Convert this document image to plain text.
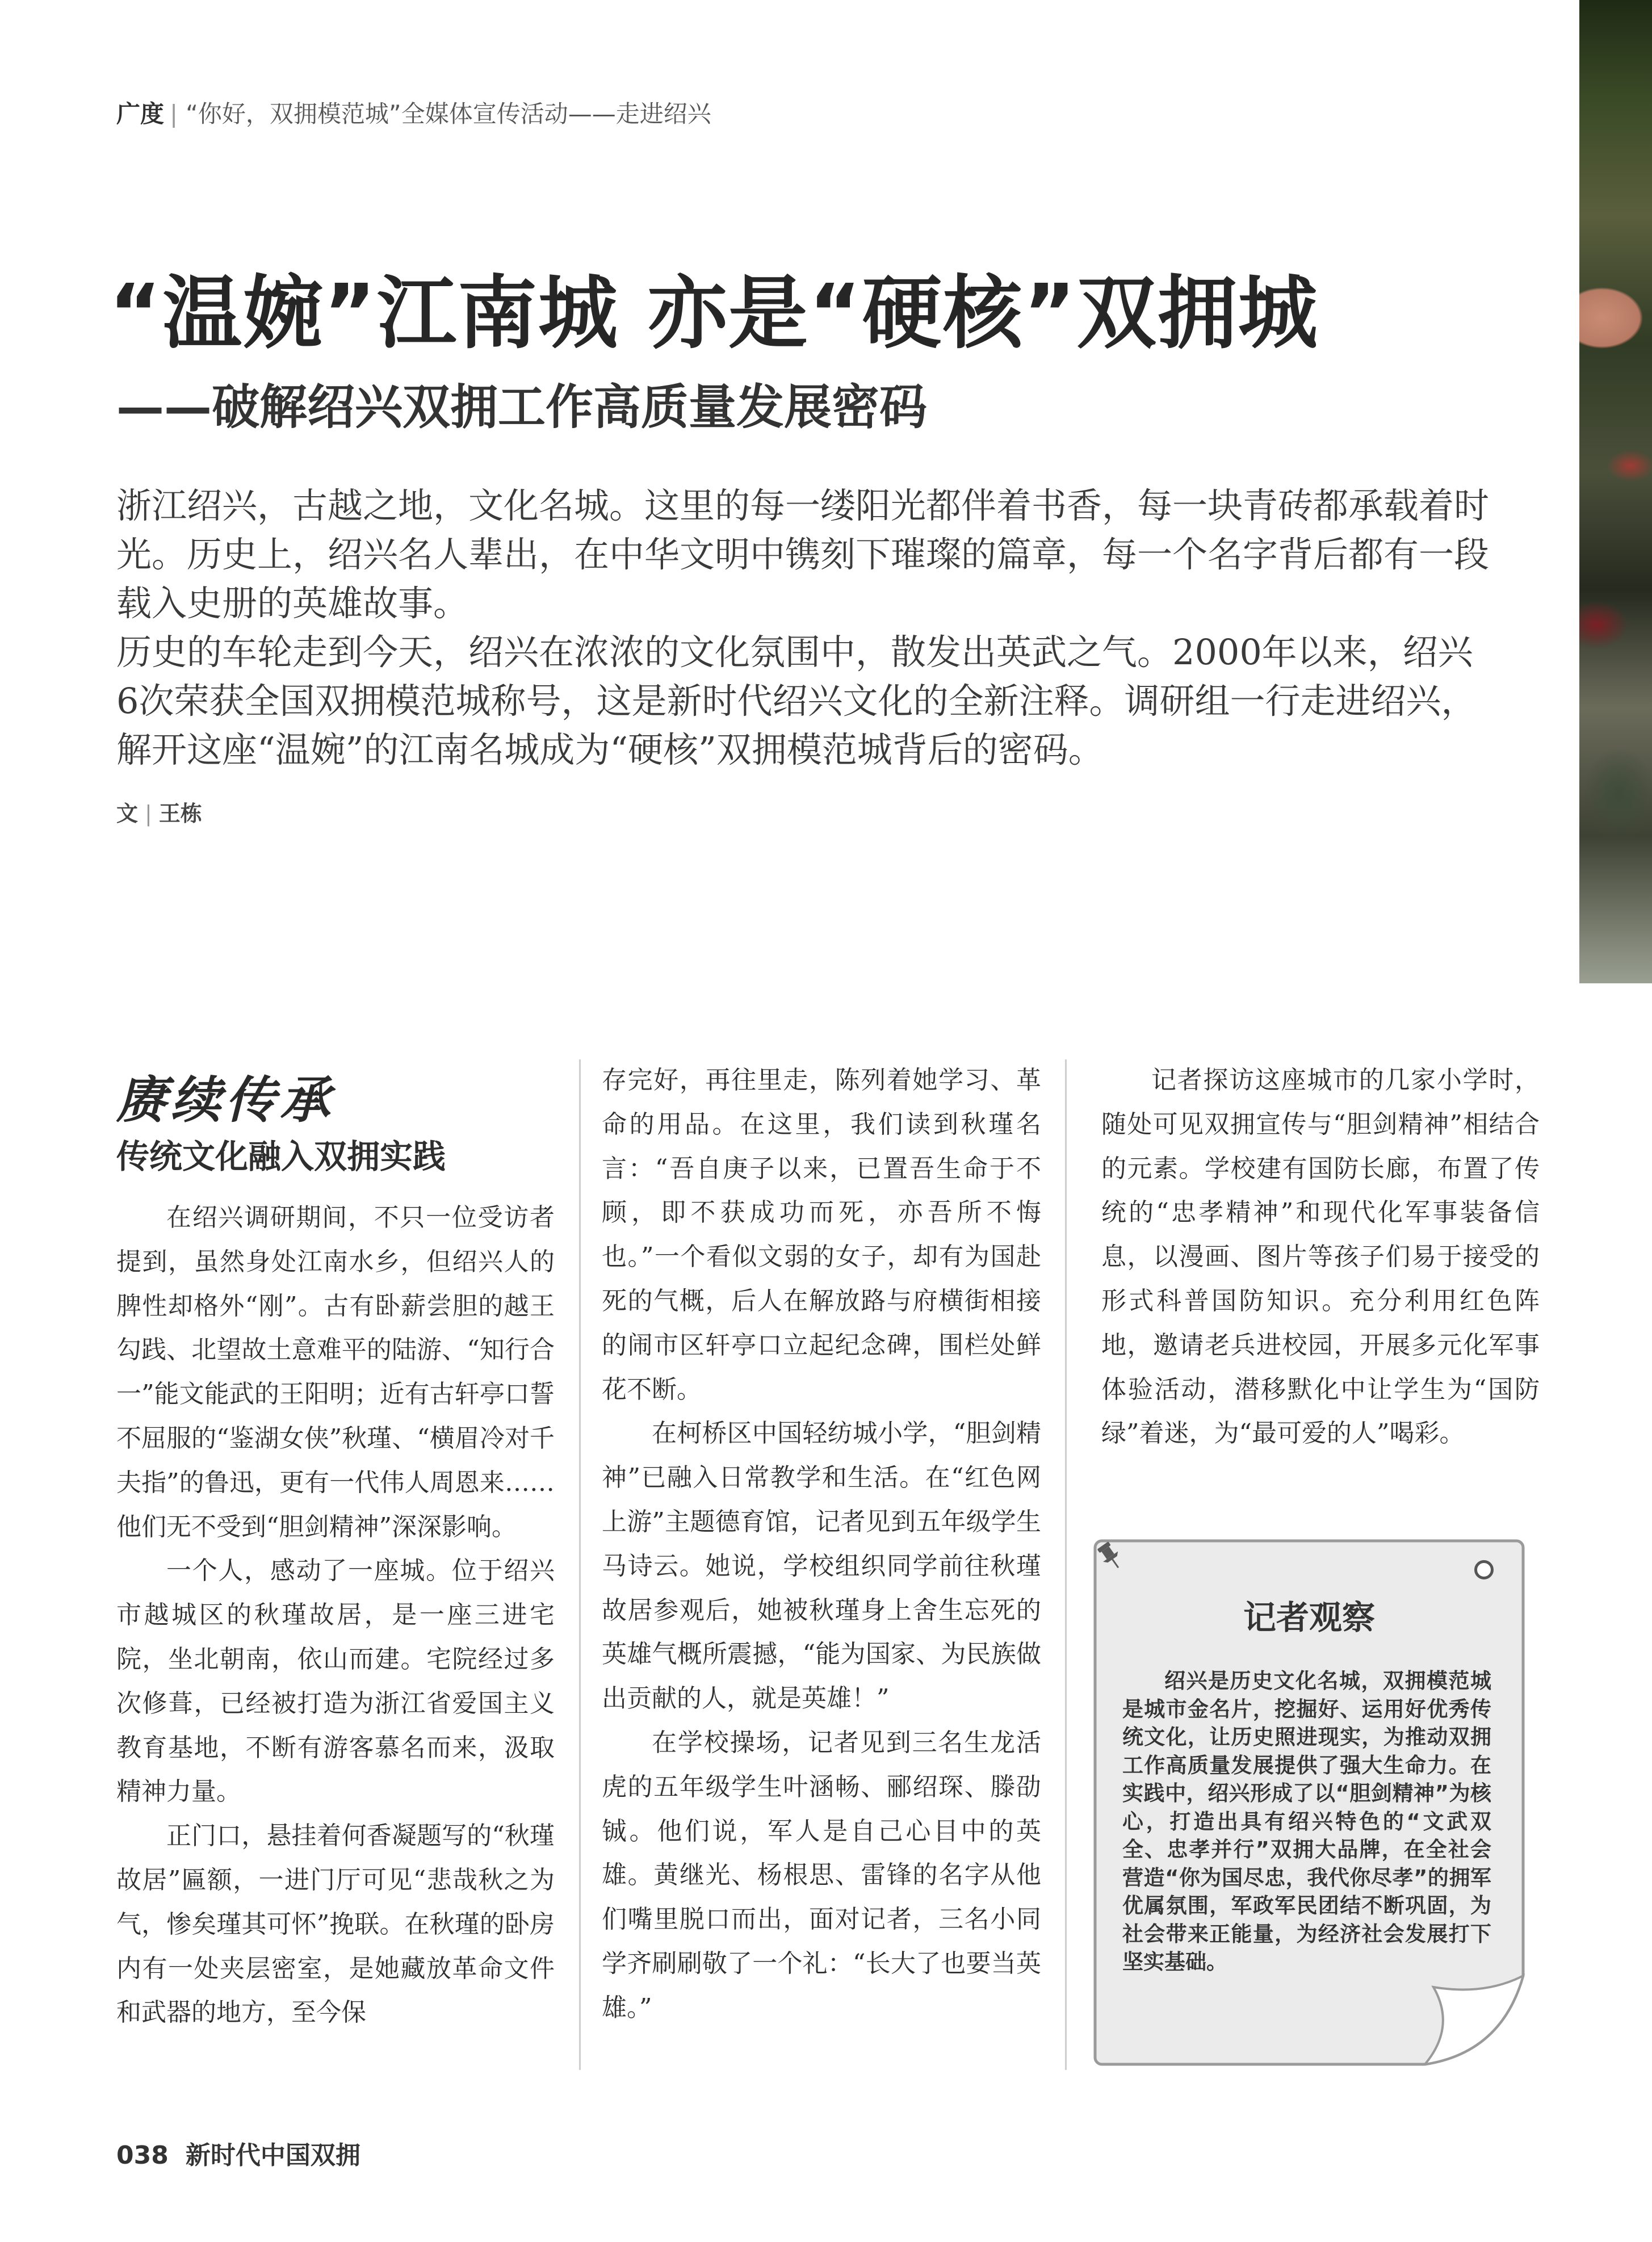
广度 | “你好，双拥模范城”全媒体宣传活动——走进绍兴
“温婉”江南城 亦是“硬核”双拥城
——破解绍兴双拥工作高质量发展密码

浙江绍兴，古越之地，文化名城。这里的每一缕阳光都伴着书香，每一块青砖都承载着时光。历史上，绍兴名人辈出，在中华文明中镌刻下璀璨的篇章，每一个名字背后都有一段载入史册的英雄故事。

历史的车轮走到今天，绍兴在浓浓的文化氛围中，散发出英武之气。2000年以来，绍兴6次荣获全国双拥模范城称号，这是新时代绍兴文化的全新注释。调研组一行走进绍兴，解开这座“温婉”的江南名城成为“硬核”双拥模范城背后的密码。

文 | 王栋
赓续传承
传统文化融入双拥实践

在绍兴调研期间，不只一位受访者提到，虽然身处江南水乡，但绍兴人的脾性却格外“刚”。古有卧薪尝胆的越王勾践、北望故土意难平的陆游、“知行合一”能文能武的王阳明；近有古轩亭口誓不屈服的“鉴湖女侠”秋瑾、“横眉冷对千夫指”的鲁迅，更有一代伟人周恩来……他们无不受到“胆剑精神”深深影响。

一个人，感动了一座城。位于绍兴市越城区的秋瑾故居，是一座三进宅院，坐北朝南，依山而建。宅院经过多次修葺，已经被打造为浙江省爱国主义教育基地，不断有游客慕名而来，汲取精神力量。

正门口，悬挂着何香凝题写的“秋瑾故居”匾额，一进门厅可见“悲哉秋之为气，惨矣瑾其可怀”挽联。在秋瑾的卧房内有一处夹层密室，是她藏放革命文件和武器的地方，至今保

存完好，再往里走，陈列着她学习、革命的用品。在这里，我们读到秋瑾名言：“吾自庚子以来，已置吾生命于不顾，即不获成功而死，亦吾所不悔也。”一个看似文弱的女子，却有为国赴死的气概，后人在解放路与府横街相接的闹市区轩亭口立起纪念碑，围栏处鲜花不断。

在柯桥区中国轻纺城小学，“胆剑精神”已融入日常教学和生活。在“红色网上游”主题德育馆，记者见到五年级学生马诗云。她说，学校组织同学前往秋瑾故居参观后，她被秋瑾身上舍生忘死的英雄气概所震撼，“能为国家、为民族做出贡献的人，就是英雄！”

在学校操场，记者见到三名生龙活虎的五年级学生叶涵畅、郦绍琛、滕劭铖。他们说，军人是自己心目中的英雄。黄继光、杨根思、雷锋的名字从他们嘴里脱口而出，面对记者，三名小同学齐刷刷敬了一个礼：“长大了也要当英雄。”

记者探访这座城市的几家小学时，随处可见双拥宣传与“胆剑精神”相结合的元素。学校建有国防长廊，布置了传统的“忠孝精神”和现代化军事装备信息，以漫画、图片等孩子们易于接受的形式科普国防知识。充分利用红色阵地，邀请老兵进校园，开展多元化军事体验活动，潜移默化中让学生为“国防绿”着迷，为“最可爱的人”喝彩。

记者观察
绍兴是历史文化名城，双拥模范城是城市金名片，挖掘好、运用好优秀传统文化，让历史照进现实，为推动双拥工作高质量发展提供了强大生命力。在实践中，绍兴形成了以“胆剑精神”为核心，打造出具有绍兴特色的“文武双全、忠孝并行”双拥大品牌，在全社会营造“你为国尽忠，我代你尽孝”的拥军优属氛围，军政军民团结不断巩固，为社会带来正能量，为经济社会发展打下坚实基础。
038 新时代中国双拥
